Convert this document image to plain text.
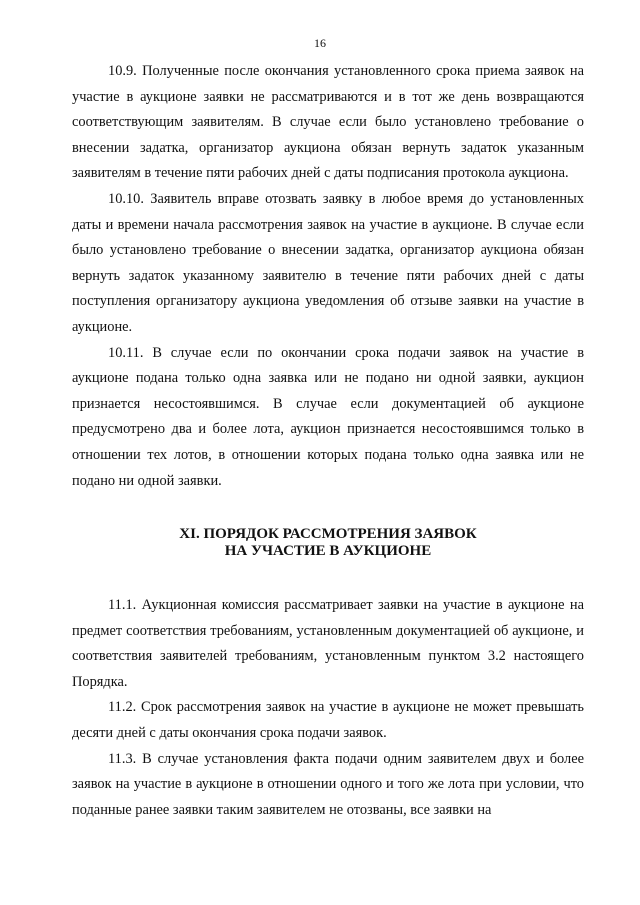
16

10.9. Полученные после окончания установленного срока приема заявок на участие в аукционе заявки не рассматриваются и в тот же день возвращаются соответствующим заявителям. В случае если было установлено требование о внесении задатка, организатор аукциона обязан вернуть задаток указанным заявителям в течение пяти рабочих дней с даты подписания протокола аукциона.

10.10. Заявитель вправе отозвать заявку в любое время до установленных даты и времени начала рассмотрения заявок на участие в аукционе. В случае если было установлено требование о внесении задатка, организатор аукциона обязан вернуть задаток указанному заявителю в течение пяти рабочих дней с даты поступления организатору аукциона уведомления об отзыве заявки на участие в аукционе.

10.11. В случае если по окончании срока подачи заявок на участие в аукционе подана только одна заявка или не подано ни одной заявки, аукцион признается несостоявшимся. В случае если документацией об аукционе предусмотрено два и более лота, аукцион признается несостоявшимся только в отношении тех лотов, в отношении которых подана только одна заявка или не подано ни одной заявки.

XI. ПОРЯДОК РАССМОТРЕНИЯ ЗАЯВОК
НА УЧАСТИЕ В АУКЦИОНЕ

11.1. Аукционная комиссия рассматривает заявки на участие в аукционе на предмет соответствия требованиям, установленным документацией об аукционе, и соответствия заявителей требованиям, установленным пунктом 3.2 настоящего Порядка.

11.2. Срок рассмотрения заявок на участие в аукционе не может превышать десяти дней с даты окончания срока подачи заявок.

11.3. В случае установления факта подачи одним заявителем двух и более заявок на участие в аукционе в отношении одного и того же лота при условии, что поданные ранее заявки таким заявителем не отозваны, все заявки на
